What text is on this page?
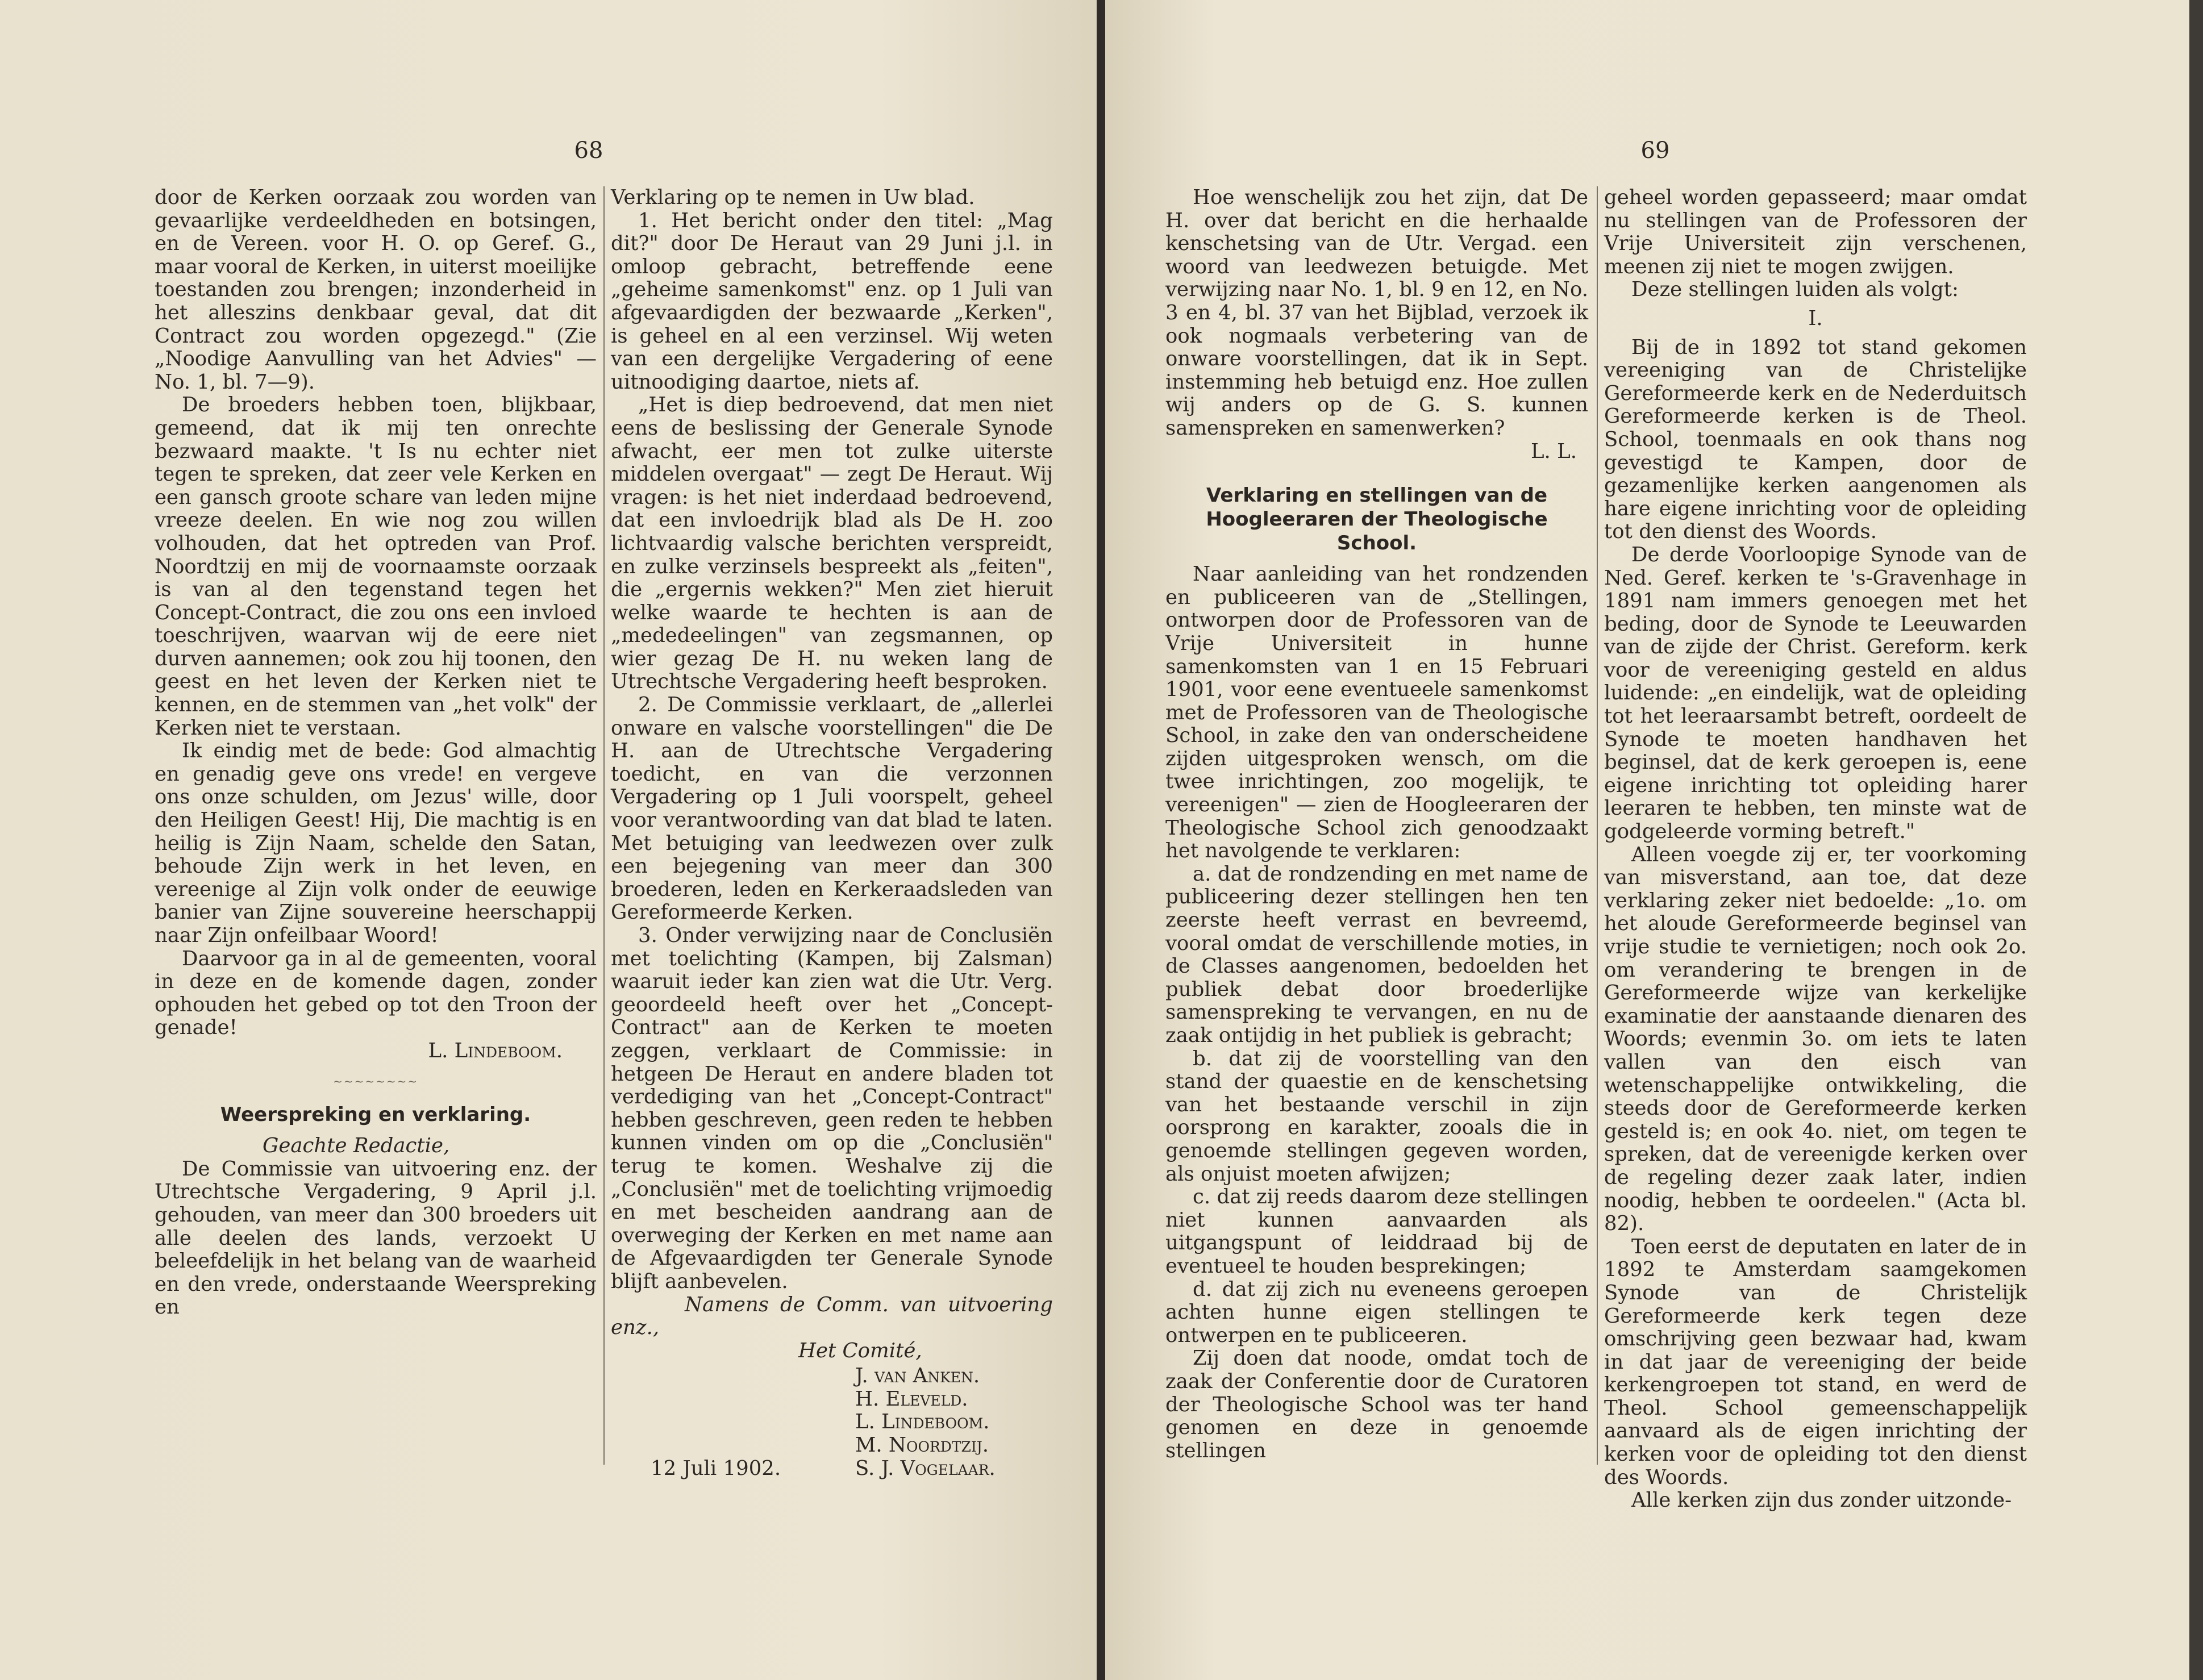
68

door de Kerken oorzaak zou worden van gevaarlijke verdeeldheden en botsingen, en de Vereen. voor H. O. op Geref. G., maar vooral de Kerken, in uiterst moeilijke toestanden zou brengen; inzonderheid in het alleszins denkbaar geval, dat dit Contract zou worden opgezegd." (Zie „Noodige Aanvulling van het Advies" — No. 1, bl. 7—9).

De broeders hebben toen, blijkbaar, gemeend, dat ik mij ten onrechte bezwaard maakte. 't Is nu echter niet tegen te spreken, dat zeer vele Kerken en een gansch groote schare van leden mijne vreeze deelen. En wie nog zou willen volhouden, dat het optreden van Prof. Noordtzij en mij de voornaamste oorzaak is van al den tegenstand tegen het Concept-Contract, die zou ons een invloed toeschrijven, waarvan wij de eere niet durven aannemen; ook zou hij toonen, den geest en het leven der Kerken niet te kennen, en de stemmen van „het volk" der Kerken niet te verstaan.

Ik eindig met de bede: God almachtig en genadig geve ons vrede! en vergeve ons onze schulden, om Jezus' wille, door den Heiligen Geest! Hij, Die machtig is en heilig is Zijn Naam, schelde den Satan, behoude Zijn werk in het leven, en vereenige al Zijn volk onder de eeuwige banier van Zijne souvereine heerschappij naar Zijn onfeilbaar Woord!

Daarvoor ga in al de gemeenten, vooral in deze en de komende dagen, zonder ophouden het gebed op tot den Troon der genade!

L. Lindeboom.

~~~~~~~~
Weerspreking en verklaring.

Geachte Redactie,

De Commissie van uitvoering enz. der Utrechtsche Vergadering, 9 April j.l. gehouden, van meer dan 300 broeders uit alle deelen des lands, verzoekt U beleefdelijk in het belang van de waarheid en den vrede, onderstaande Weerspreking en

Verklaring op te nemen in Uw blad.

1. Het bericht onder den titel: „Mag dit?" door De Heraut van 29 Juni j.l. in omloop gebracht, betreffende eene „geheime samenkomst" enz. op 1 Juli van afgevaardigden der bezwaarde „Kerken", is geheel en al een verzinsel. Wij weten van een dergelijke Vergadering of eene uitnoodiging daartoe, niets af.

„Het is diep bedroevend, dat men niet eens de beslissing der Generale Synode afwacht, eer men tot zulke uiterste middelen overgaat" — zegt De Heraut. Wij vragen: is het niet inderdaad bedroevend, dat een invloedrijk blad als De H. zoo lichtvaardig valsche berichten verspreidt, en zulke verzinsels bespreekt als „feiten", die „ergernis wekken?" Men ziet hieruit welke waarde te hechten is aan de „mededeelingen" van zegsmannen, op wier gezag De H. nu weken lang de Utrechtsche Vergadering heeft besproken.

2. De Commissie verklaart, de „allerlei onware en valsche voorstellingen" die De H. aan de Utrechtsche Vergadering toedicht, en van die verzonnen Vergadering op 1 Juli voorspelt, geheel voor verantwoording van dat blad te laten. Met betuiging van leedwezen over zulk een bejegening van meer dan 300 broederen, leden en Kerkeraadsleden van Gereformeerde Kerken.

3. Onder verwijzing naar de Conclusiën met toelichting (Kampen, bij Zalsman) waaruit ieder kan zien wat die Utr. Verg. geoordeeld heeft over het „Concept-Contract" aan de Kerken te moeten zeggen, verklaart de Commissie: in hetgeen De Heraut en andere bladen tot verdediging van het „Concept-Contract" hebben geschreven, geen reden te hebben kunnen vinden om op die „Conclusiën" terug te komen. Weshalve zij die „Conclusiën" met de toelichting vrijmoedig en met bescheiden aandrang aan de overweging der Kerken en met name aan de Afgevaardigden ter Generale Synode blijft aanbevelen.

Namens de Comm. van uitvoering enz.,

Het Comité,

J. van Anken.

H. Eleveld.

L. Lindeboom.

M. Noordtzij.

S. J. Vogelaar.

12 Juli 1902.
69

Hoe wenschelijk zou het zijn, dat De H. over dat bericht en die herhaalde kenschetsing van de Utr. Vergad. een woord van leedwezen betuigde. Met verwijzing naar No. 1, bl. 9 en 12, en No. 3 en 4, bl. 37 van het Bijblad, verzoek ik ook nogmaals verbetering van de onware voorstellingen, dat ik in Sept. instemming heb betuigd enz. Hoe zullen wij anders op de G. S. kunnen samenspreken en samenwerken?

L. L.

Verklaring en stellingen van de
Hoogleeraren der Theologische School.

Naar aanleiding van het rondzenden en publiceeren van de „Stellingen, ontworpen door de Professoren van de Vrije Universiteit in hunne samenkomsten van 1 en 15 Februari 1901, voor eene eventueele samenkomst met de Professoren van de Theologische School, in zake den van onderscheidene zijden uitgesproken wensch, om die twee inrichtingen, zoo mogelijk, te vereenigen" — zien de Hoogleeraren der Theologische School zich genoodzaakt het navolgende te verklaren:

a. dat de rondzending en met name de publiceering dezer stellingen hen ten zeerste heeft verrast en bevreemd, vooral omdat de verschillende moties, in de Classes aangenomen, bedoelden het publiek debat door broederlijke samenspreking te vervangen, en nu de zaak ontijdig in het publiek is gebracht;

b. dat zij de voorstelling van den stand der quaestie en de kenschetsing van het bestaande verschil in zijn oorsprong en karakter, zooals die in genoemde stellingen gegeven worden, als onjuist moeten afwijzen;

c. dat zij reeds daarom deze stellingen niet kunnen aanvaarden als uitgangspunt of leiddraad bij de eventueel te houden besprekingen;

d. dat zij zich nu eveneens geroepen achten hunne eigen stellingen te ontwerpen en te publiceeren.

Zij doen dat noode, omdat toch de zaak der Conferentie door de Curatoren der Theologische School was ter hand genomen en deze in genoemde stellingen

geheel worden gepasseerd; maar omdat nu stellingen van de Professoren der Vrije Universiteit zijn verschenen, meenen zij niet te mogen zwijgen.

Deze stellingen luiden als volgt:

I.

Bij de in 1892 tot stand gekomen vereeniging van de Christelijke Gereformeerde kerk en de Nederduitsch Gereformeerde kerken is de Theol. School, toenmaals en ook thans nog gevestigd te Kampen, door de gezamenlijke kerken aangenomen als hare eigene inrichting voor de opleiding tot den dienst des Woords.

De derde Voorloopige Synode van de Ned. Geref. kerken te 's-Gravenhage in 1891 nam immers genoegen met het beding, door de Synode te Leeuwarden van de zijde der Christ. Gereform. kerk voor de vereeniging gesteld en aldus luidende: „en eindelijk, wat de opleiding tot het leeraarsambt betreft, oordeelt de Synode te moeten handhaven het beginsel, dat de kerk geroepen is, eene eigene inrichting tot opleiding harer leeraren te hebben, ten minste wat de godgeleerde vorming betreft."

Alleen voegde zij er, ter voorkoming van misverstand, aan toe, dat deze verklaring zeker niet bedoelde: „1o. om het aloude Gereformeerde beginsel van vrije studie te vernietigen; noch ook 2o. om verandering te brengen in de Gereformeerde wijze van kerkelijke examinatie der aanstaande dienaren des Woords; evenmin 3o. om iets te laten vallen van den eisch van wetenschappelijke ontwikkeling, die steeds door de Gereformeerde kerken gesteld is; en ook 4o. niet, om tegen te spreken, dat de vereenigde kerken over de regeling dezer zaak later, indien noodig, hebben te oordeelen." (Acta bl. 82).

Toen eerst de deputaten en later de in 1892 te Amsterdam saamgekomen Synode van de Christelijk Gereformeerde kerk tegen deze omschrijving geen bezwaar had, kwam in dat jaar de vereeniging der beide kerkengroepen tot stand, en werd de Theol. School gemeenschappelijk aanvaard als de eigen inrichting der kerken voor de opleiding tot den dienst des Woords.

Alle kerken zijn dus zonder uitzonde-
